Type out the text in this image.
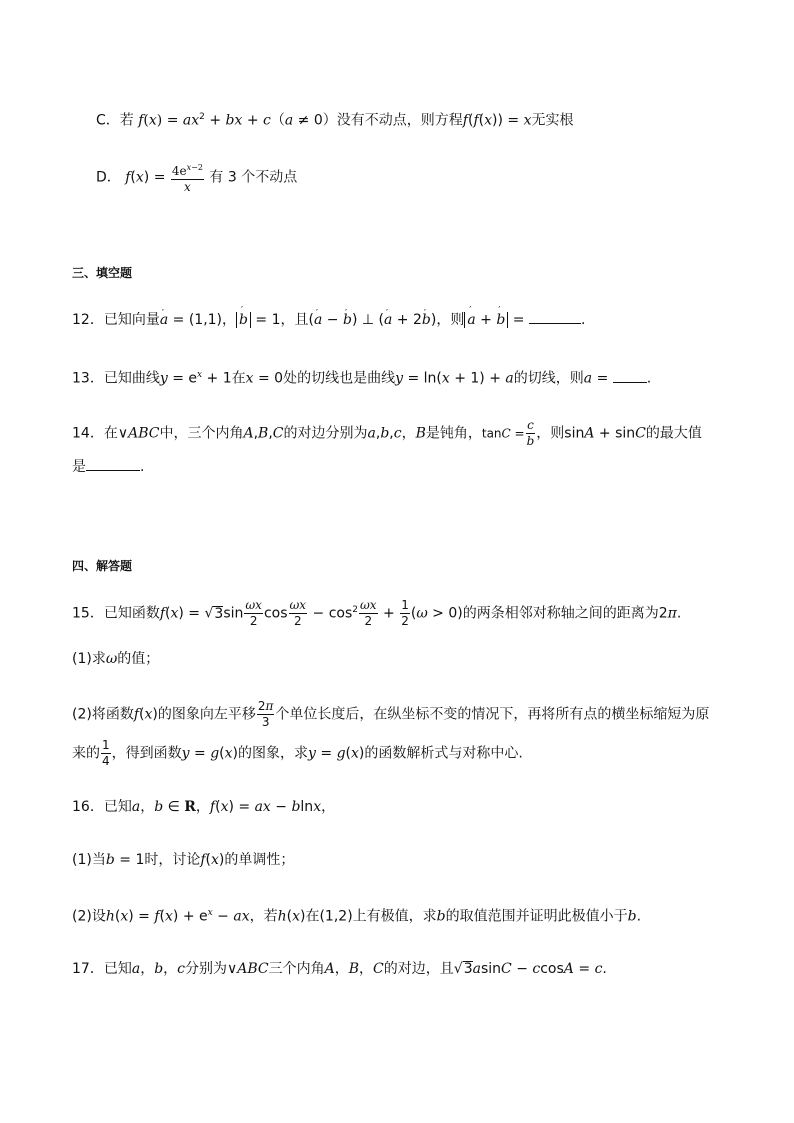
C．若 $f(x) = ax^2$ + bx + c（a ≠ 0）没有不动点，则方程f(f(x)) = x无实根
D． $f(x) = \frac{4e^{x-2}}{x}$ 有 3 个不动点
三、填空题
12．已知向量′ a = (1,1)， ′ b = 1，且(′ a − ′ b) ⊥ (′ a + 2′ b)，则 ′ a + ′ b =	.
13．已知曲线$y = e^x + 1$在x = 0处的切线也是曲线y = ln(x + 1) + a的切线，则a = .
14．在∨ABC中，三个内角A,B,C的对边分别为a,b,c，B是钝角，$\tan C = \frac{c}{b}$ ，则sinA + sinC的最大值
是	.
四、解答题
15．已知函数$f(x) = √3\sin \frac{\omega x}{2}$ $\cos \frac{\omega x}{2} - \cos^2 \frac{\omega x}{2} + \frac{1}{2} (\omega > 0)$的两条相邻对称轴之间的距离为2π.
(1)求ω的值；
(2)将函数f(x)的图象向左平移 $\frac{2\pi}{3}$ 个单位长度后，在纵坐标不变的情况下，再将所有点的横坐标缩短为原
来的 $\frac{1}{4}$ ，得到函数y = g(x)的图象，求y = g(x)的函数解析式与对称中心.
16．已知a，b ∈ R，f(x) = ax − blnx，
(1)当b = 1时，讨论f(x)的单调性；
(2)设$h(x) = f(x) + e^x$ − ax，若h(x)在(1,2)上有极值，求b的取值范围并证明此极值小于b.
17．已知a，b，c分别为∨ABC三个内角A，B，C的对边，且√3asinC − ccosA = c.
